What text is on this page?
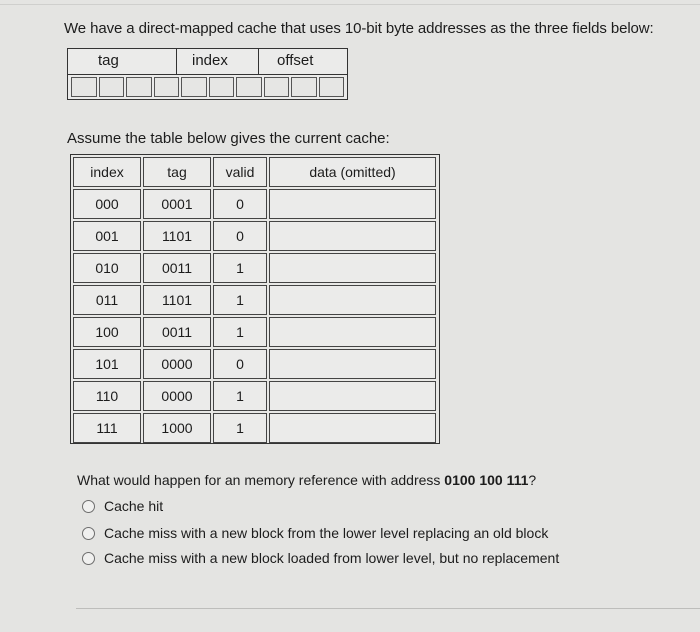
We have a direct-mapped cache that uses 10-bit byte addresses as the three fields below:
tag	index	offset
Assume the table below gives the current cache:
index	tag	valid	data (omitted)
000	0001	0
001	1101	0
010	0011	1
011	1101	1
100	0011	1
101	0000	0
110	0000	1
111	1000	1
What would happen for an memory reference with address 0100 100 111?
Cache hit
Cache miss with a new block from the lower level replacing an old block
Cache miss with a new block loaded from lower level, but no replacement
